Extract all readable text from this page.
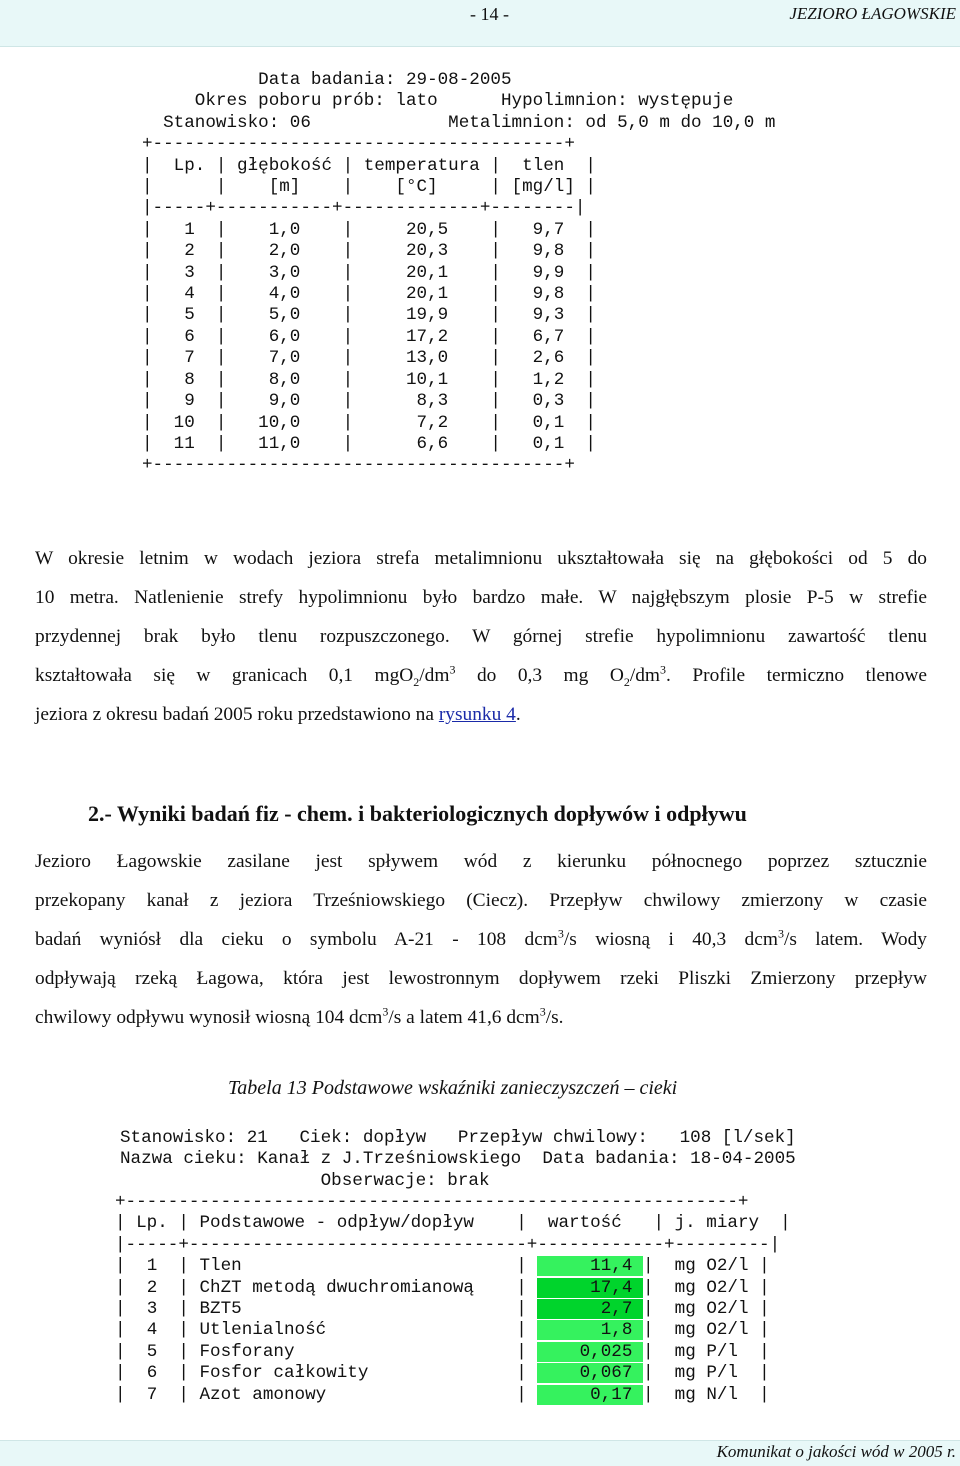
- 14 -	JEZIORO ŁAGOWSKIE
Data badania: 29-08-2005
Okres poboru prób: lato      Hypolimnion: występuje
Stanowisko: 06             Metalimnion: od 5,0 m do 10,0 m
+---------------------------------------+
|  Lp. | głębokość | temperatura |  tlen  |
|      |    [m]    |    [°C]     | [mg/l] |
|-----+-----------+-------------+--------|
|   1  |    1,0    |     20,5    |   9,7  |
|   2  |    2,0    |     20,3    |   9,8  |
|   3  |    3,0    |     20,1    |   9,9  |
|   4  |    4,0    |     20,1    |   9,8  |
|   5  |    5,0    |     19,9    |   9,3  |
|   6  |    6,0    |     17,2    |   6,7  |
|   7  |    7,0    |     13,0    |   2,6  |
|   8  |    8,0    |     10,1    |   1,2  |
|   9  |    9,0    |      8,3    |   0,3  |
|  10  |   10,0    |      7,2    |   0,1  |
|  11  |   11,0    |      6,6    |   0,1  |
+---------------------------------------+
W okresie letnim w wodach jeziora strefa metalimnionu ukształtowała się na głębokości od 5 do
10 metra. Natlenienie strefy hypolimnionu było bardzo małe. W najgłębszym plosie P-5 w strefie
przydennej brak było tlenu rozpuszczonego. W górnej strefie hypolimnionu zawartość tlenu
kształtowała się w granicach 0,1 $mgO_2/dm^3$ do 0,3 mg $O_2/dm^3$. Profile termiczno tlenowe
jeziora z okresu badań 2005 roku przedstawiono na rysunku 4.
2.- Wyniki badań fiz - chem. i bakteriologicznych dopływów i odpływu
Jezioro Łagowskie zasilane jest spływem wód z kierunku północnego poprzez sztucznie
przekopany kanał z jeziora Trześniowskiego (Ciecz). Przepływ chwilowy zmierzony w czasie
badań wyniósł dla cieku o symbolu A-21 - 108 dcm$^3$/s wiosną i 40,3 dcm$^3$/s latem. Wody
odpływają rzeką Łagowa, która jest lewostronnym dopływem rzeki Pliszki Zmierzony przepływ
chwilowy odpływu wynosił wiosną 104 dcm$^3$/s a latem 41,6 dcm$^3$/s.

Tabela 13 Podstawowe wskaźniki zanieczyszczeń – cieki

Stanowisko: 21   Ciek: dopływ   Przepływ chwilowy:   108 [l/sek]
Nazwa cieku: Kanał z J.Trześniowskiego  Data badania: 18-04-2005
Obserwacje: brak
+----------------------------------------------------------+
| Lp. | Podstawowe - odpływ/dopływ    |  wartość   | j. miary  |
|-----+--------------------------------+------------+---------|
|  1  | Tlen                          |      11,4 |  mg O2/l |
|  2  | ChZT metodą dwuchromianową    |      17,4 |  mg O2/l |
|  3  | BZT5                          |       2,7 |  mg O2/l |
|  4  | Utlenialność                  |       1,8 |  mg O2/l |
|  5  | Fosforany                     |     0,025 |  mg P/l  |
|  6  | Fosfor całkowity              |     0,067 |  mg P/l  |
|  7  | Azot amonowy                  |      0,17 |  mg N/l  |
Komunikat o jakości wód w 2005 r.
